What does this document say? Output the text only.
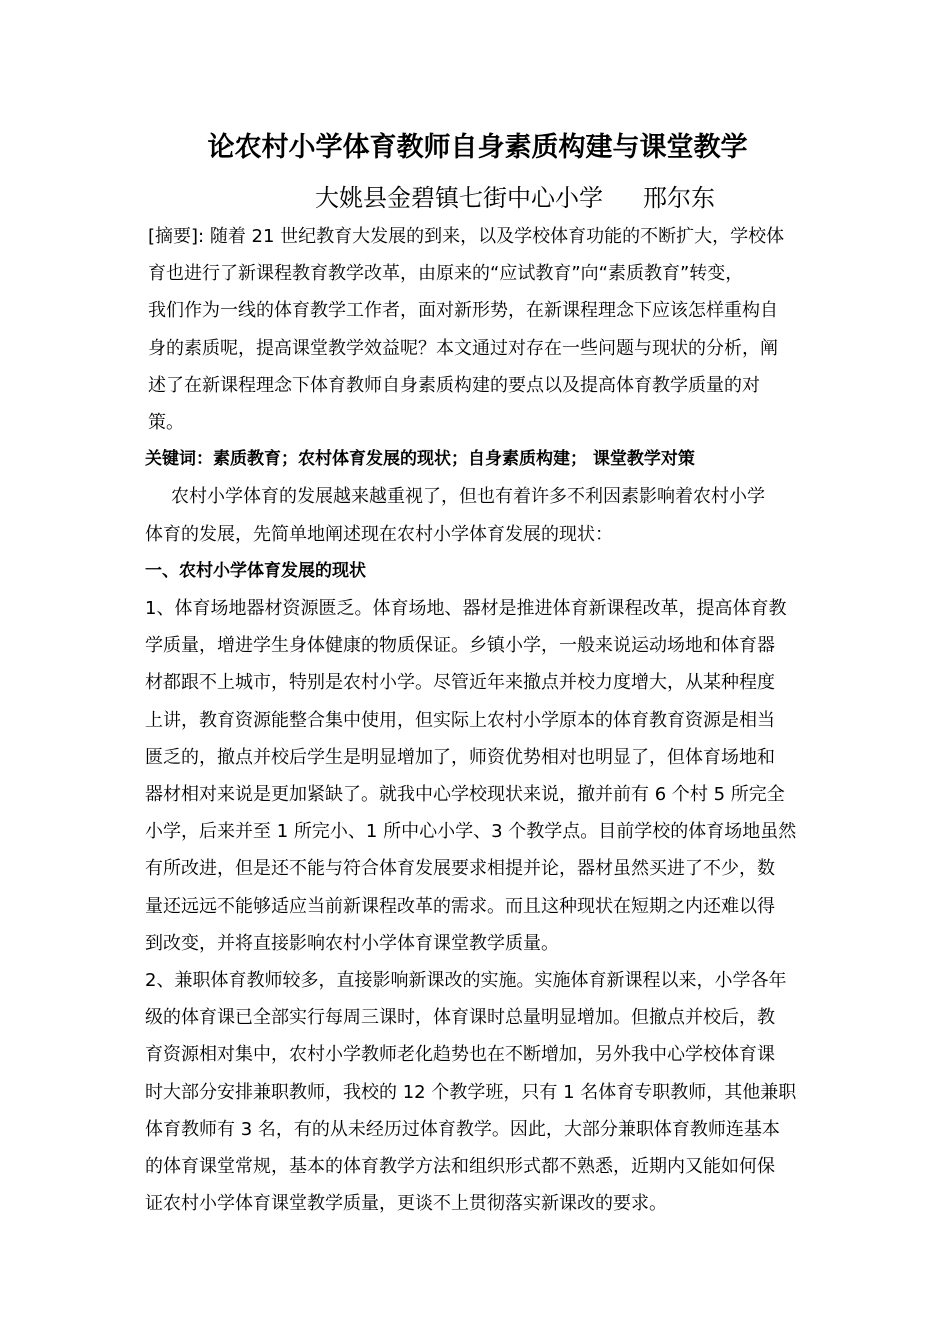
论农村小学体育教师自身素质构建与课堂教学
大姚县金碧镇七街中心小学 邢尔东
[摘要]: 随着 21 世纪教育大发展的到来，以及学校体育功能的不断扩大，学校体
育也进行了新课程教育教学改革，由原来的“应试教育”向“素质教育”转变，
我们作为一线的体育教学工作者，面对新形势，在新课程理念下应该怎样重构自
身的素质呢，提高课堂教学效益呢？本文通过对存在一些问题与现状的分析，阐
述了在新课程理念下体育教师自身素质构建的要点以及提高体育教学质量的对
策。
关键词：素质教育；农村体育发展的现状；自身素质构建； 课堂教学对策
农村小学体育的发展越来越重视了，但也有着许多不利因素影响着农村小学
体育的发展，先简单地阐述现在农村小学体育发展的现状：
一、农村小学体育发展的现状
1、体育场地器材资源匮乏。体育场地、器材是推进体育新课程改革，提高体育教
学质量，增进学生身体健康的物质保证。乡镇小学，一般来说运动场地和体育器
材都跟不上城市，特别是农村小学。尽管近年来撤点并校力度增大，从某种程度
上讲，教育资源能整合集中使用，但实际上农村小学原本的体育教育资源是相当
匮乏的，撤点并校后学生是明显增加了，师资优势相对也明显了，但体育场地和
器材相对来说是更加紧缺了。就我中心学校现状来说，撤并前有 6 个村 5 所完全
小学，后来并至 1 所完小、1 所中心小学、3 个教学点。目前学校的体育场地虽然
有所改进，但是还不能与符合体育发展要求相提并论，器材虽然买进了不少，数
量还远远不能够适应当前新课程改革的需求。而且这种现状在短期之内还难以得
到改变，并将直接影响农村小学体育课堂教学质量。
2、兼职体育教师较多，直接影响新课改的实施。实施体育新课程以来，小学各年
级的体育课已全部实行每周三课时，体育课时总量明显增加。但撤点并校后，教
育资源相对集中，农村小学教师老化趋势也在不断增加，另外我中心学校体育课
时大部分安排兼职教师，我校的 12 个教学班，只有 1 名体育专职教师，其他兼职
体育教师有 3 名，有的从未经历过体育教学。因此，大部分兼职体育教师连基本
的体育课堂常规，基本的体育教学方法和组织形式都不熟悉，近期内又能如何保
证农村小学体育课堂教学质量，更谈不上贯彻落实新课改的要求。
